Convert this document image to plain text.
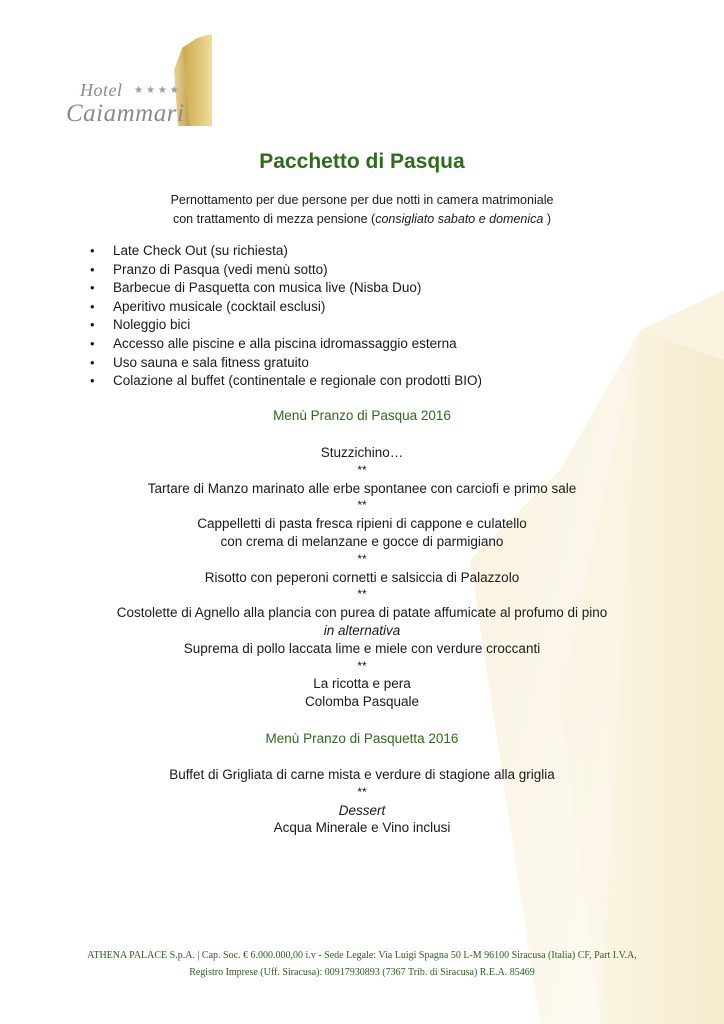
Hotel ★★★★
Caiammari
Pacchetto di Pasqua
Pernottamento per due persone per due notti in camera matrimoniale
con trattamento di mezza pensione (consigliato sabato e domenica )
• Late Check Out (su richiesta)
• Pranzo di Pasqua (vedi menù sotto)
• Barbecue di Pasquetta con musica live (Nisba Duo)
• Aperitivo musicale (cocktail esclusi)
• Noleggio bici
• Accesso alle piscine e alla piscina idromassaggio esterna
• Uso sauna e sala fitness gratuito
• Colazione al buffet (continentale e regionale con prodotti BIO)
Menù Pranzo di Pasqua 2016
Stuzzichino…
**
Tartare di Manzo marinato alle erbe spontanee con carciofi e primo sale
**
Cappelletti di pasta fresca ripieni di cappone e culatello
con crema di melanzane e gocce di parmigiano
**
Risotto con peperoni cornetti e salsiccia di Palazzolo
**
Costolette di Agnello alla plancia con purea di patate affumicate al profumo di pino
in alternativa
Suprema di pollo laccata lime e miele con verdure croccanti
**
La ricotta e pera
Colomba Pasquale
Menù Pranzo di Pasquetta 2016
Buffet di Grigliata di carne mista e verdure di stagione alla griglia
**
Dessert
Acqua Minerale e Vino inclusi
ATHENA PALACE S.p.A. | Cap. Soc. € 6.000.000,00 i.v - Sede Legale: Via Luigi Spagna 50 L-M 96100 Siracusa (Italia) CF, Part I.V.A,
Registro Imprese (Uff. Siracusa): 00917930893 (7367 Trib. di Siracusa) R.E.A. 85469
